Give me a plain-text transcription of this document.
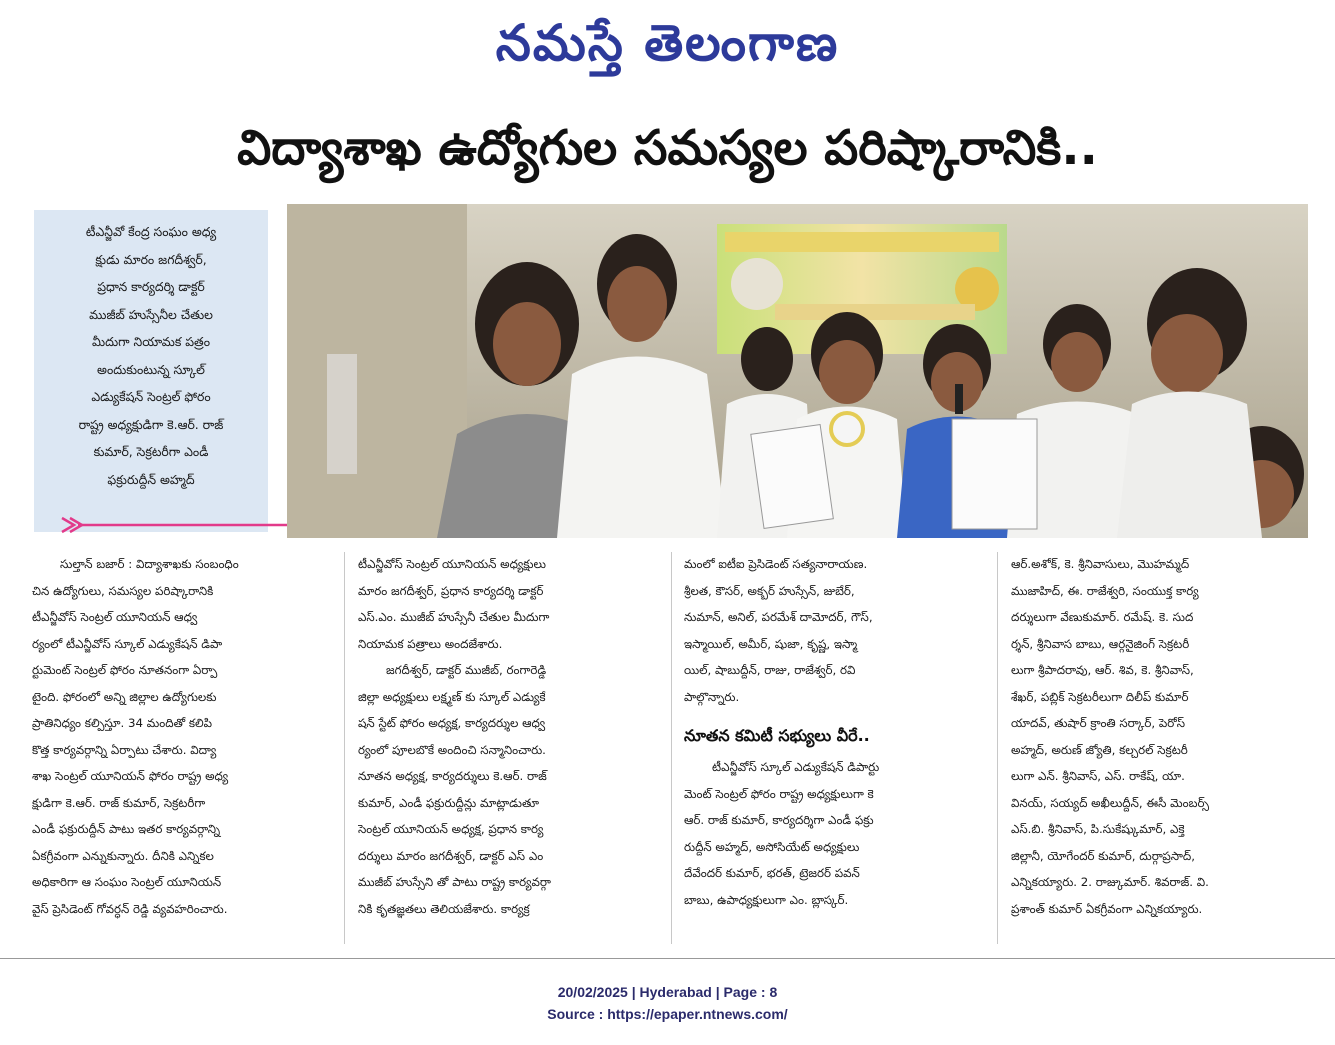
నమస్తే తెలంగాణ
విద్యాశాఖ ఉద్యోగుల సమస్యల పరిష్కారానికి..
టీఎన్జీవో కేంద్ర సంఘం అధ్య
క్షుడు మారం జగదీశ్వర్,
ప్రధాన కార్యదర్శి డాక్టర్
ముజీబ్ హుస్సేనీల చేతుల
మీదుగా నియామక పత్రం
అందుకుంటున్న స్కూల్
ఎడ్యుకేషన్ సెంట్రల్ ఫోరం
రాష్ట్ర అధ్యక్షుడిగా కె.ఆర్. రాజ్
కుమార్, సెక్రటరీగా ఎండీ
ఫక్రురుద్దీన్ అహ్మద్
సుల్తాన్ బజార్ : విద్యాశాఖకు సంబంధిం
చిన ఉద్యోగులు, సమస్యల పరిష్కారానికి
టీఎన్జీవోస్ సెంట్రల్ యూనియన్ ఆధ్వ
ర్యంలో టీఎన్జీవోస్ స్కూల్ ఎడ్యుకేషన్ డిపా
ర్టుమెంట్ సెంట్రల్ ఫోరం నూతనంగా ఏర్పా
టైంది. ఫోరంలో అన్ని జిల్లాల ఉద్యోగులకు
ప్రాతినిధ్యం కల్పిస్తూ. 34 మందితో కలిపి
కొత్త కార్యవర్గాన్ని ఏర్పాటు చేశారు. విద్యా
శాఖ సెంట్రల్ యూనియన్ ఫోరం రాష్ట్ర అధ్య
క్షుడిగా కె.ఆర్. రాజ్ కుమార్, సెక్రటరీగా
ఎండీ ఫక్రురుద్దీన్ పాటు ఇతర కార్యవర్గాన్ని
ఏకగ్రీవంగా ఎన్నుకున్నారు. దీనికి ఎన్నికల
అధికారిగా ఆ సంఘం సెంట్రల్ యూనియన్
వైస్ ప్రెసిడెంట్ గోవర్ధన్ రెడ్డి వ్యవహరించారు.
టీఎన్జీవోస్ సెంట్రల్ యూనియన్ అధ్యక్షులు
మారం జగదీశ్వర్, ప్రధాన కార్యదర్శి డాక్టర్
ఎస్.ఎం. ముజీబ్ హుస్సేనీ చేతుల మీదుగా
నియామక పత్రాలు అందజేశారు.
జగదీశ్వర్, డాక్టర్ ముజీబ్, రంగారెడ్డి
జిల్లా అధ్యక్షులు లక్ష్మణ్ కు స్కూల్ ఎడ్యుకే
షన్ స్టేట్ ఫోరం అధ్యక్ష, కార్యదర్శుల ఆధ్వ
ర్యంలో పూలబొకే అందించి సన్మానించారు.
నూతన అధ్యక్ష, కార్యదర్శులు కె.ఆర్. రాజ్
కుమార్, ఎండీ ఫక్రురుద్దీన్లు మాట్లాడుతూ
సెంట్రల్ యూనియన్ అధ్యక్ష, ప్రధాన కార్య
దర్శులు మారం జగదీశ్వర్, డాక్టర్ ఎస్ ఎం
ముజీబ్ హుస్సేని తో పాటు రాష్ట్ర కార్యవర్గా
నికి కృతజ్ఞతలు తెలియజేశారు. కార్యక్ర
మంలో ఐటీఐ ప్రెసిడెంట్ సత్యనారాయణ.
శ్రీలత, కౌసర్, అక్బర్ హుస్సేన్, జుబేర్,
నుమాన్, అనిల్, పరమేశ్ దామోదర్, గౌస్,
ఇస్మాయిల్, అమీర్, షుజా, కృష్ణ, ఇస్మా
యిల్, షాబుద్దీన్, రాజు, రాజేశ్వర్, రవి
పాల్గొన్నారు.
నూతన కమిటీ సభ్యులు వీరే..
టీఎన్జీవోస్ స్కూల్ ఎడ్యుకేషన్ డిపార్టు
మెంట్ సెంట్రల్ ఫోరం రాష్ట్ర అధ్యక్షులుగా కె
ఆర్. రాజ్ కుమార్, కార్యదర్శిగా ఎండీ ఫక్రు
రుద్దీన్ అహ్మద్, అసోసియేట్ అధ్యక్షులు
దేవేందర్ కుమార్, భరత్, ట్రెజరర్ పవన్
బాబు, ఉపాధ్యక్షులుగా ఎం. బ్లాస్కర్.
ఆర్.అశోక్, కె. శ్రీనివాసులు, మొహమ్మద్
ముజాహిద్, ఈ. రాజేశ్వరి, సంయుక్త కార్య
దర్శులుగా వేణుకుమార్. రమేష్. కె. సుద
ర్శన్, శ్రీనివాస బాబు, ఆర్గనైజింగ్ సెక్రటరీ
లుగా శ్రీపాదరావు, ఆర్. శివ, కె. శ్రీనివాస్,
శేఖర్, పబ్లిక్ సెక్రటరీలుగా దిలీప్ కుమార్
యాదవ్, తుషార్ క్రాంతి సర్కార్, పెరోస్
అహ్మద్, అరుణ్ జ్యోతి, కల్చరల్ సెక్రటరీ
లుగా ఎన్. శ్రీనివాస్, ఎస్. రాకేష్, యా.
వినయ్, సయ్యద్ అఖీలుద్దీన్, ఈసీ మెంబర్స్
ఎస్.బి. శ్రీనివాస్, పి.సుకేష్కుమార్, ఎక్తె
జిల్లానీ, యోగేందర్ కుమార్, దుర్గాప్రసాద్,
ఎన్నికయ్యారు. 2. రాజ్కుమార్. శివరాజ్. వి.
ప్రశాంత్ కుమార్ ఏకగ్రీవంగా ఎన్నికయ్యారు.
20/02/2025 | Hyderabad | Page : 8
Source : https://epaper.ntnews.com/
